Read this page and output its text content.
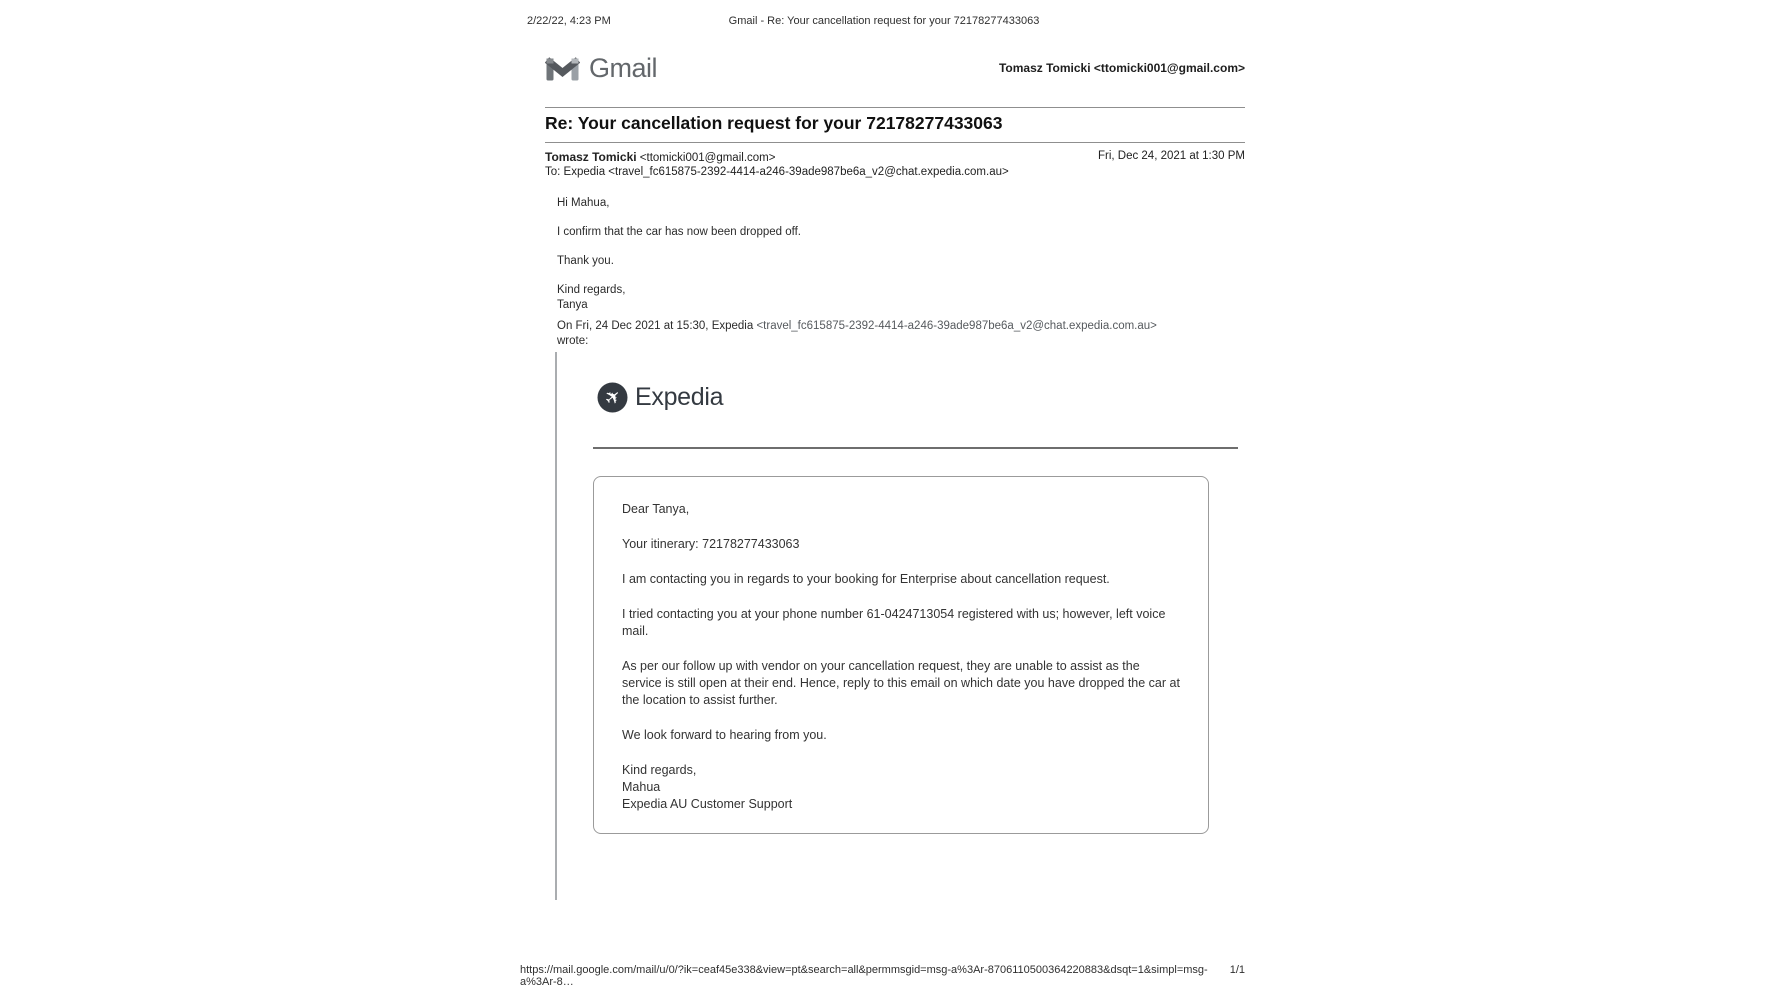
2/22/22, 4:23 PM	Gmail - Re: Your cancellation request for your 72178277433063
Gmail	Tomasz Tomicki <ttomicki001@gmail.com>
Re: Your cancellation request for your 72178277433063
Tomasz Tomicki <ttomicki001@gmail.com>	Fri, Dec 24, 2021 at 1:30 PM
To: Expedia <travel_fc615875-2392-4414-a246-39ade987be6a_v2@chat.expedia.com.au>

Hi Mahua,

I confirm that the car has now been dropped off.

Thank you.

Kind regards,

Tanya

On Fri, 24 Dec 2021 at 15:30, Expedia <travel_fc615875-2392-4414-a246-39ade987be6a_v2@chat.expedia.com.au>
wrote:
✈ Expedia

Dear Tanya,

Your itinerary: 72178277433063

I am contacting you in regards to your booking for Enterprise about cancellation request.

I tried contacting you at your phone number 61-0424713054 registered with us; however, left voice mail.

As per our follow up with vendor on your cancellation request, they are unable to assist as the service is still open at their end. Hence, reply to this email on which date you have dropped the car at the location to assist further.

We look forward to hearing from you.

Kind regards,

Mahua

Expedia AU Customer Support

https://mail.google.com/mail/u/0/?ik=ceaf45e338&view=pt&search=all&permmsgid=msg-a%3Ar-8706110500364220883&dsqt=1&simpl=msg-a%3Ar-8…
1/1
